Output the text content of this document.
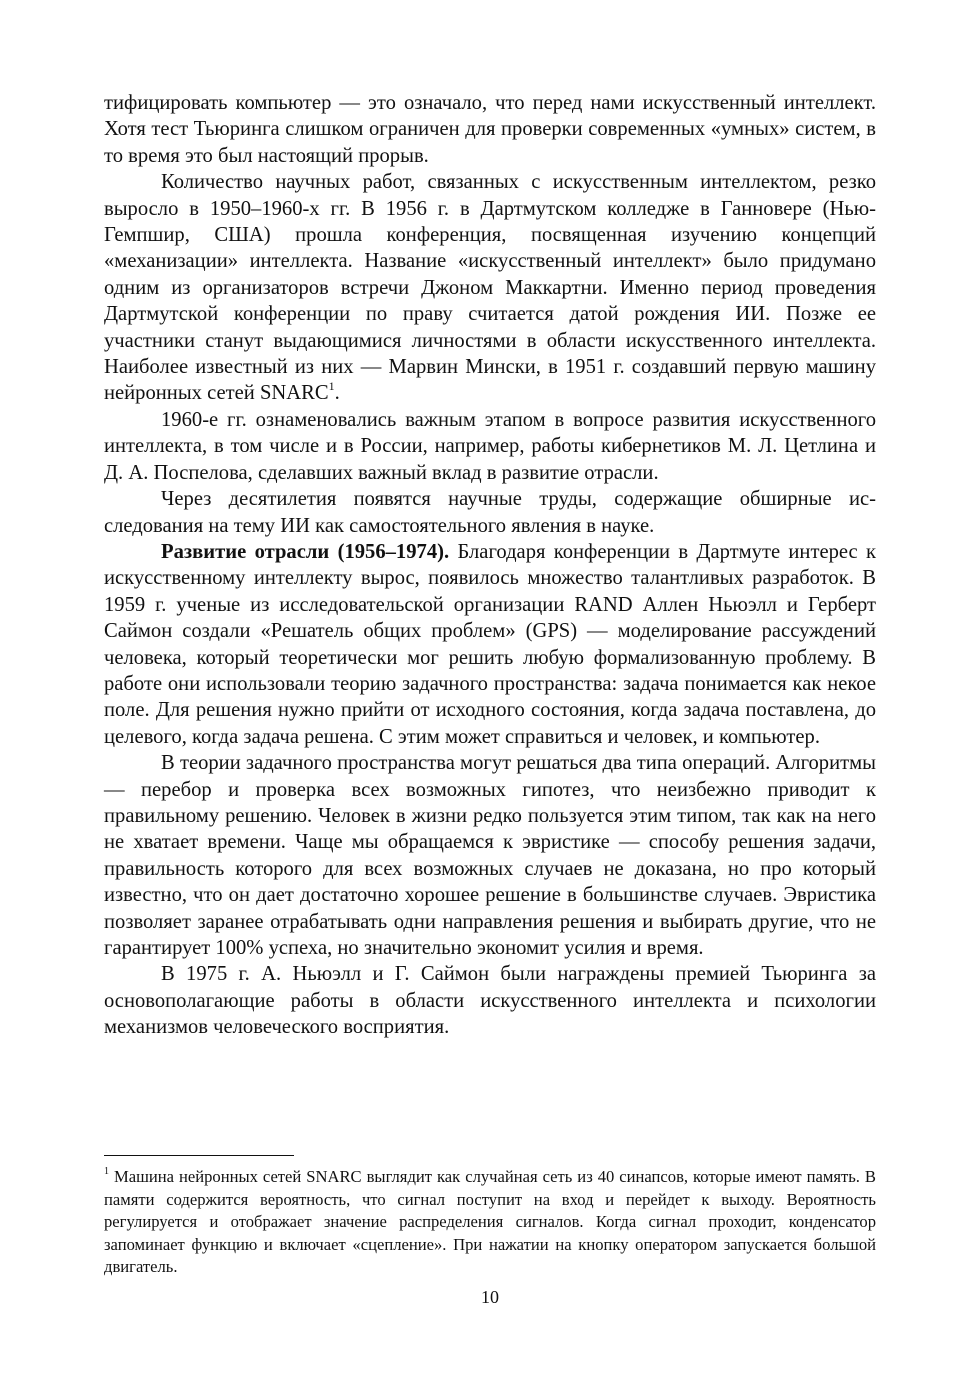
тифицировать компьютер — это означало, что перед нами искусственный интеллект. Хотя тест Тьюринга слишком ограничен для проверки современных «умных» систем, в то время это был настоящий прорыв.

Количество научных работ, связанных с искусственным интеллектом, резко выросло в 1950–1960-х гг. В 1956 г. в Дартмутском колледже в Ганновере (Нью-Гемпшир, США) прошла конференция, посвященная изучению концепций «механизации» интеллекта. Название «искусственный интеллект» было придумано одним из организаторов встречи Джоном Маккартни. Именно период проведения Дартмутской конференции по праву считается датой рождения ИИ. Позже ее участники станут выдающимися личностями в области искусственного интеллекта. Наиболее известный из них — Марвин Мински, в 1951 г. создавший первую машину нейронных сетей SNARC$^1$.

1960-е гг. ознаменовались важным этапом в вопросе развития искусственного интеллекта, в том числе и в России, например, работы кибернетиков М. Л. Цетлина и Д. А. Поспелова, сделавших важный вклад в развитие отрасли.

Через десятилетия появятся научные труды, содержащие обширные исследования на тему ИИ как самостоятельного явления в науке.

Развитие отрасли (1956–1974). Благодаря конференции в Дартмуте интерес к искусственному интеллекту вырос, появилось множество талантливых разработок. В 1959 г. ученые из исследовательской организации RAND Аллен Ньюэлл и Герберт Саймон создали «Решатель общих проблем» (GPS) — моделирование рассуждений человека, который теоретически мог решить любую формализованную проблему. В работе они использовали теорию задачного пространства: задача понимается как некое поле. Для решения нужно прийти от исходного состояния, когда задача поставлена, до целевого, когда задача решена. С этим может справиться и человек, и компьютер.

В теории задачного пространства могут решаться два типа операций. Алгоритмы — перебор и проверка всех возможных гипотез, что неизбежно приводит к правильному решению. Человек в жизни редко пользуется этим типом, так как на него не хватает времени. Чаще мы обращаемся к эвристике — способу решения задачи, правильность которого для всех возможных случаев не доказана, но про который известно, что он дает достаточно хорошее решение в большинстве случаев. Эвристика позволяет заранее отрабатывать одни направления решения и выбирать другие, что не гарантирует 100% успеха, но значительно экономит усилия и время.

В 1975 г. А. Ньюэлл и Г. Саймон были награждены премией Тьюринга за основополагающие работы в области искусственного интеллекта и психологии механизмов человеческого восприятия.

$^1$ Машина нейронных сетей SNARC выглядит как случайная сеть из 40 синапсов, которые имеют память. В памяти содержится вероятность, что сигнал поступит на вход и перейдет к выходу. Вероятность регулируется и отображает значение распределения сигналов. Когда сигнал проходит, конденсатор запоминает функцию и включает «сцепление». При нажатии на кнопку оператором запускается большой двигатель.

10
